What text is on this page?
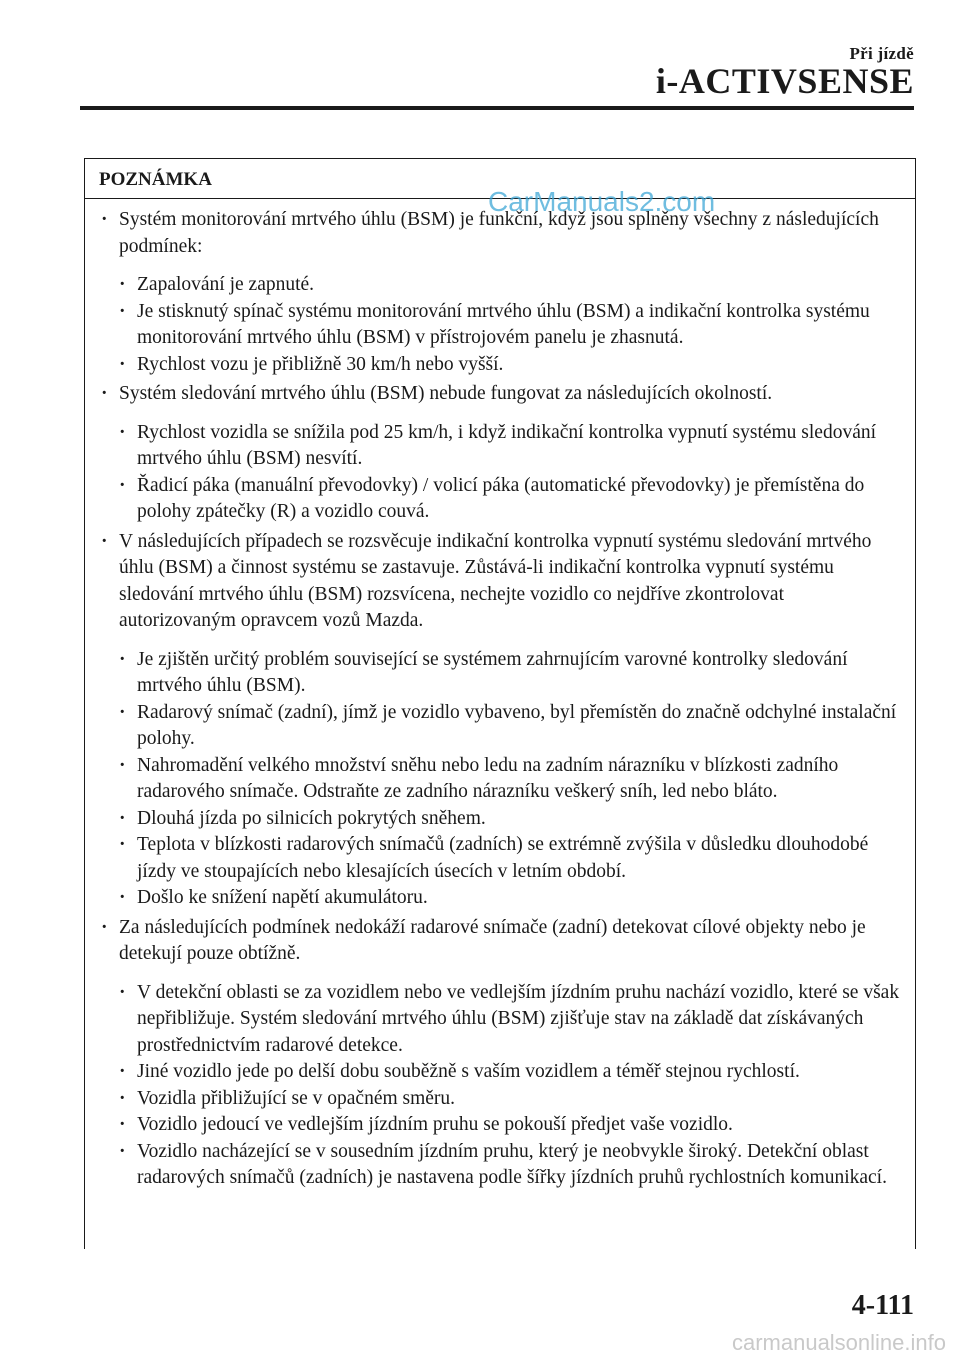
Při jízdě
i-ACTIVSENSE
POZNÁMKA

· Systém monitorování mrtvého úhlu (BSM) je funkční, když jsou splněny všechny z následujících podmínek:

· Zapalování je zapnuté.

· Je stisknutý spínač systému monitorování mrtvého úhlu (BSM) a indikační kontrolka systému monitorování mrtvého úhlu (BSM) v přístrojovém panelu je zhasnutá.

· Rychlost vozu je přibližně 30 km/h nebo vyšší.

· Systém sledování mrtvého úhlu (BSM) nebude fungovat za následujících okolností.

· Rychlost vozidla se snížila pod 25 km/h, i když indikační kontrolka vypnutí systému sledování mrtvého úhlu (BSM) nesvítí.

· Řadicí páka (manuální převodovky) / volicí páka (automatické převodovky) je přemístěna do polohy zpátečky (R) a vozidlo couvá.

· V následujících případech se rozsvěcuje indikační kontrolka vypnutí systému sledování mrtvého úhlu (BSM) a činnost systému se zastavuje. Zůstává-li indikační kontrolka vypnutí systému sledování mrtvého úhlu (BSM) rozsvícena, nechejte vozidlo co nejdříve zkontrolovat autorizovaným opravcem vozů Mazda.

· Je zjištěn určitý problém související se systémem zahrnujícím varovné kontrolky sledování mrtvého úhlu (BSM).

· Radarový snímač (zadní), jímž je vozidlo vybaveno, byl přemístěn do značně odchylné instalační polohy.

· Nahromadění velkého množství sněhu nebo ledu na zadním nárazníku v blízkosti zadního radarového snímače. Odstraňte ze zadního nárazníku veškerý sníh, led nebo bláto.

· Dlouhá jízda po silnicích pokrytých sněhem.

· Teplota v blízkosti radarových snímačů (zadních) se extrémně zvýšila v důsledku dlouhodobé jízdy ve stoupajících nebo klesajících úsecích v letním období.

· Došlo ke snížení napětí akumulátoru.

· Za následujících podmínek nedokáží radarové snímače (zadní) detekovat cílové objekty nebo je detekují pouze obtížně.

· V detekční oblasti se za vozidlem nebo ve vedlejším jízdním pruhu nachází vozidlo, které se však nepřibližuje. Systém sledování mrtvého úhlu (BSM) zjišťuje stav na základě dat získávaných prostřednictvím radarové detekce.

· Jiné vozidlo jede po delší dobu souběžně s vaším vozidlem a téměř stejnou rychlostí.

· Vozidla přibližující se v opačném směru.

· Vozidlo jedoucí ve vedlejším jízdním pruhu se pokouší předjet vaše vozidlo.

· Vozidlo nacházející se v sousedním jízdním pruhu, který je neobvykle široký. Detekční oblast radarových snímačů (zadních) je nastavena podle šířky jízdních pruhů rychlostních komunikací.

CarManuals2.com
4-111
carmanualsonline.info
